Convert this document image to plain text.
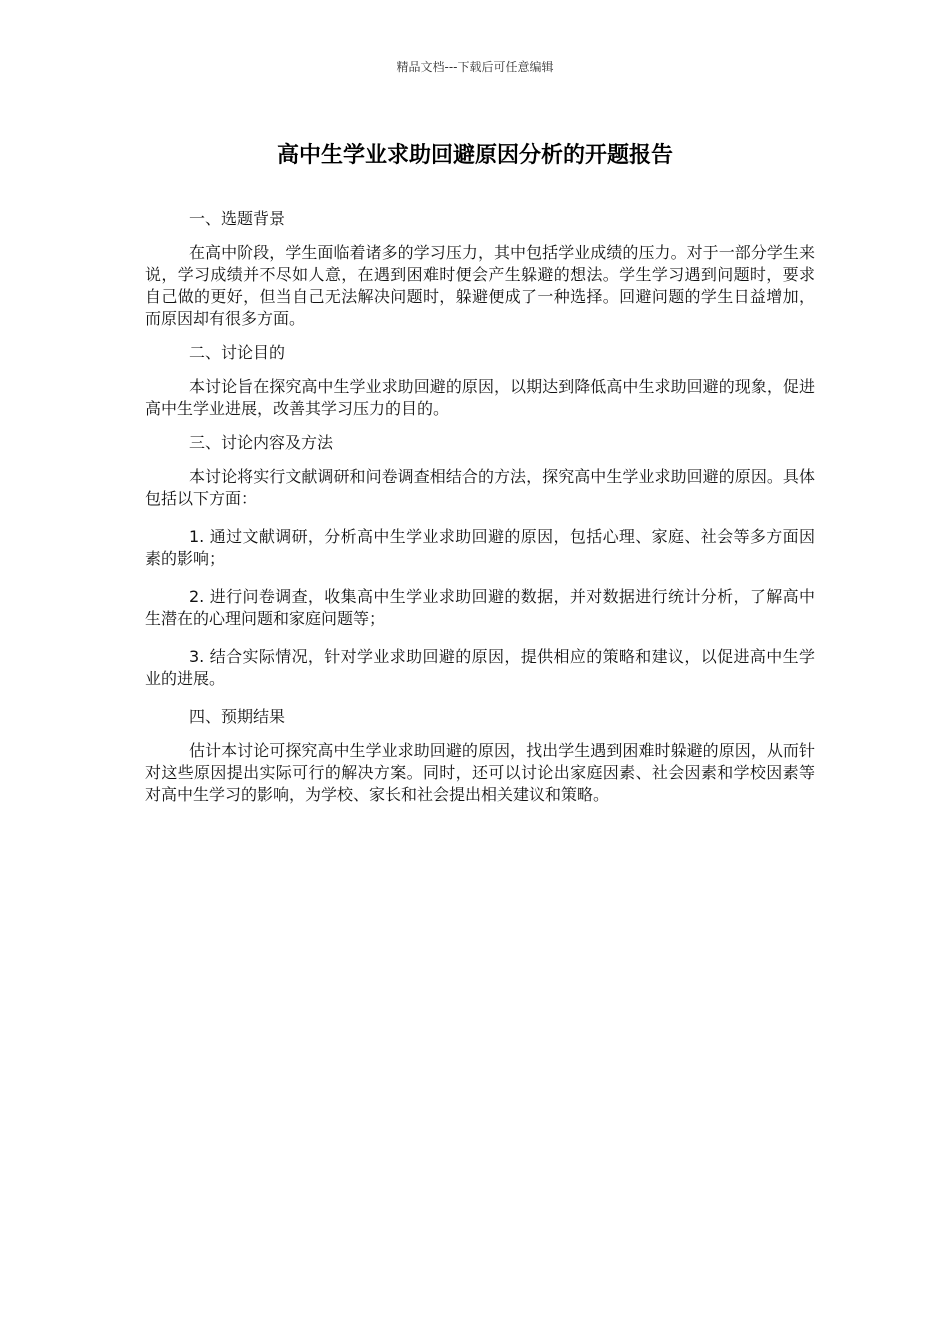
精品文档---下载后可任意编辑
高中生学业求助回避原因分析的开题报告

一、选题背景

在高中阶段，学生面临着诸多的学习压力，其中包括学业成绩的压力。对于一部分学生来说，学习成绩并不尽如人意，在遇到困难时便会产生躲避的想法。学生学习遇到问题时，要求自己做的更好，但当自己无法解决问题时，躲避便成了一种选择。回避问题的学生日益增加，而原因却有很多方面。

二、讨论目的

本讨论旨在探究高中生学业求助回避的原因，以期达到降低高中生求助回避的现象，促进高中生学业进展，改善其学习压力的目的。

三、讨论内容及方法

本讨论将实行文献调研和问卷调查相结合的方法，探究高中生学业求助回避的原因。具体包括以下方面：

1. 通过文献调研，分析高中生学业求助回避的原因，包括心理、家庭、社会等多方面因素的影响；

2. 进行问卷调查，收集高中生学业求助回避的数据，并对数据进行统计分析，了解高中生潜在的心理问题和家庭问题等；

3. 结合实际情况，针对学业求助回避的原因，提供相应的策略和建议，以促进高中生学业的进展。

四、预期结果

估计本讨论可探究高中生学业求助回避的原因，找出学生遇到困难时躲避的原因，从而针对这些原因提出实际可行的解决方案。同时，还可以讨论出家庭因素、社会因素和学校因素等对高中生学习的影响，为学校、家长和社会提出相关建议和策略。
